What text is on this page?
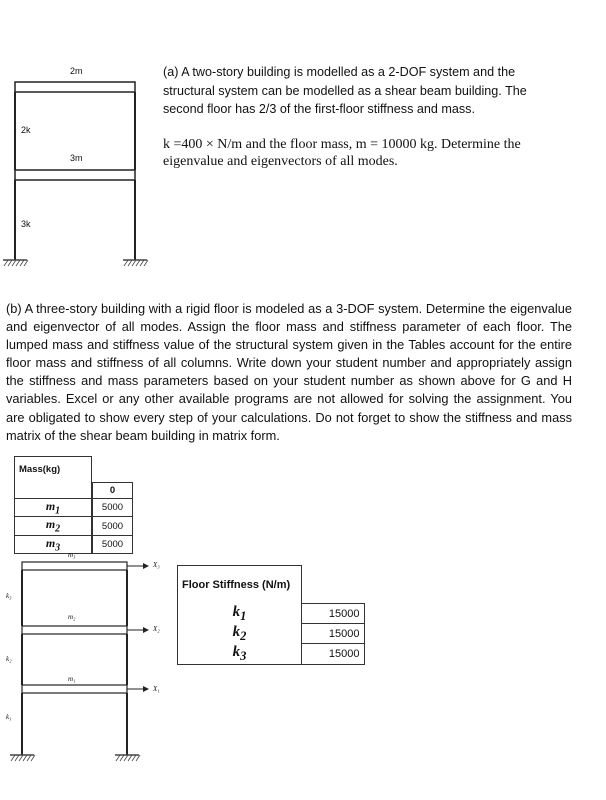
2m
2k
3m
3k
(a) A two-story building is modelled as a 2-DOF system and the structural system can be modelled as a shear beam building. The second floor has 2/3 of the first-floor stiffness and mass.
k =400 × N/m and the floor mass, m = 10000 kg. Determine the eigenvalue and eigenvectors of all modes.
(b) A three-story building with a rigid floor is modeled as a 3-DOF system. Determine the eigenvalue and eigenvector of all modes. Assign the floor mass and stiffness parameter of each floor. The lumped mass and stiffness value of the structural system given in the Tables account for the entire floor mass and stiffness of all columns. Write down your student number and appropriately assign the stiffness and mass parameters based on your student number as shown above for G and H variables. Excel or any other available programs are not allowed for solving the assignment. You are obligated to show every step of your calculations. Do not forget to show the stiffness and mass matrix of the shear beam building in matrix form.
Mass(kg)		
		0
$m_1$		5000
$m_2$		5000
$m_3$		5000
m₃
m₂
m₁
X₃
X₂
X₁
k₃
k₂
k₁
Floor Stiffness (N/m)	
$k_1$	15000
$k_2$	15000
$k_3$	15000
